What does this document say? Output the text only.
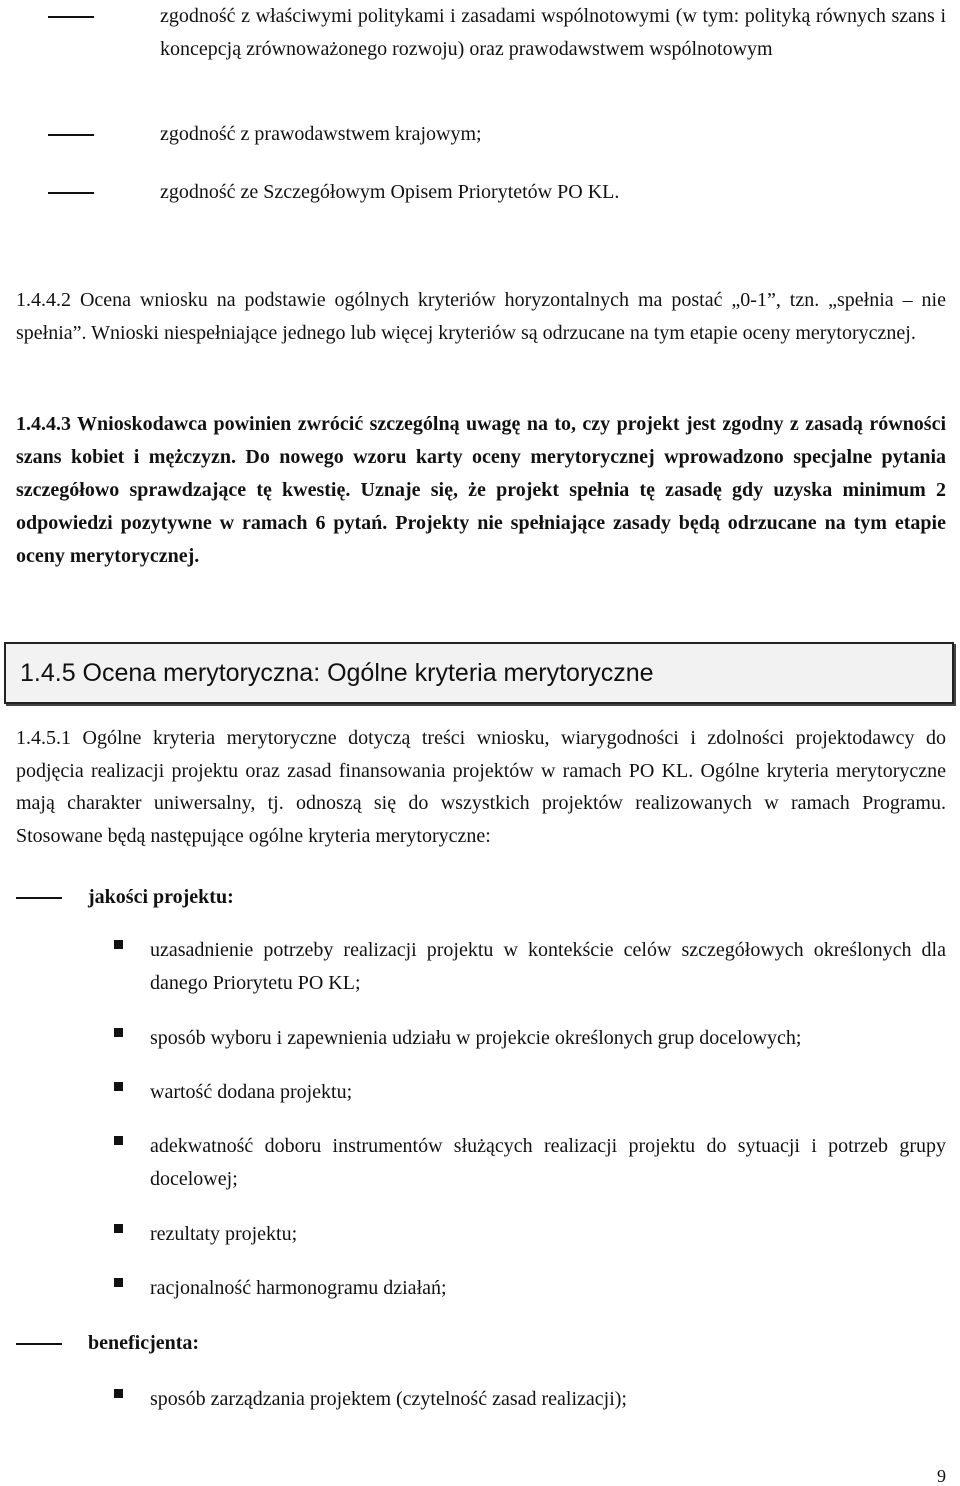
zgodność z właściwymi politykami i zasadami wspólnotowymi (w tym: polityką równych szans i koncepcją zrównoważonego rozwoju) oraz prawodawstwem wspólnotowym

zgodność z prawodawstwem krajowym;

zgodność ze Szczegółowym Opisem Priorytetów PO KL.

1.4.4.2 Ocena wniosku na podstawie ogólnych kryteriów horyzontalnych ma postać „0-1”, tzn. „spełnia – nie spełnia”. Wnioski niespełniające jednego lub więcej kryteriów są odrzucane na tym etapie oceny merytorycznej.

1.4.4.3 Wnioskodawca powinien zwrócić szczególną uwagę na to, czy projekt jest zgodny z zasadą równości szans kobiet i mężczyzn. Do nowego wzoru karty oceny merytorycznej wprowadzono specjalne pytania szczegółowo sprawdzające tę kwestię. Uznaje się, że projekt spełnia tę zasadę gdy uzyska minimum 2 odpowiedzi pozytywne w ramach 6 pytań. Projekty nie spełniające zasady będą odrzucane na tym etapie oceny merytorycznej.

1.4.5 Ocena merytoryczna: Ogólne kryteria merytoryczne

1.4.5.1 Ogólne kryteria merytoryczne dotyczą treści wniosku, wiarygodności i zdolności projektodawcy do podjęcia realizacji projektu oraz zasad finansowania projektów w ramach PO KL. Ogólne kryteria merytoryczne mają charakter uniwersalny, tj. odnoszą się do wszystkich projektów realizowanych w ramach Programu. Stosowane będą następujące ogólne kryteria merytoryczne:

jakości projektu:

uzasadnienie potrzeby realizacji projektu w kontekście celów szczegółowych określonych dla danego Priorytetu PO KL;

sposób wyboru i zapewnienia udziału w projekcie określonych grup docelowych;

wartość dodana projektu;

adekwatność doboru instrumentów służących realizacji projektu do sytuacji i potrzeb grupy docelowej;

rezultaty projektu;

racjonalność harmonogramu działań;

beneficjenta:

sposób zarządzania projektem (czytelność zasad realizacji);

9
